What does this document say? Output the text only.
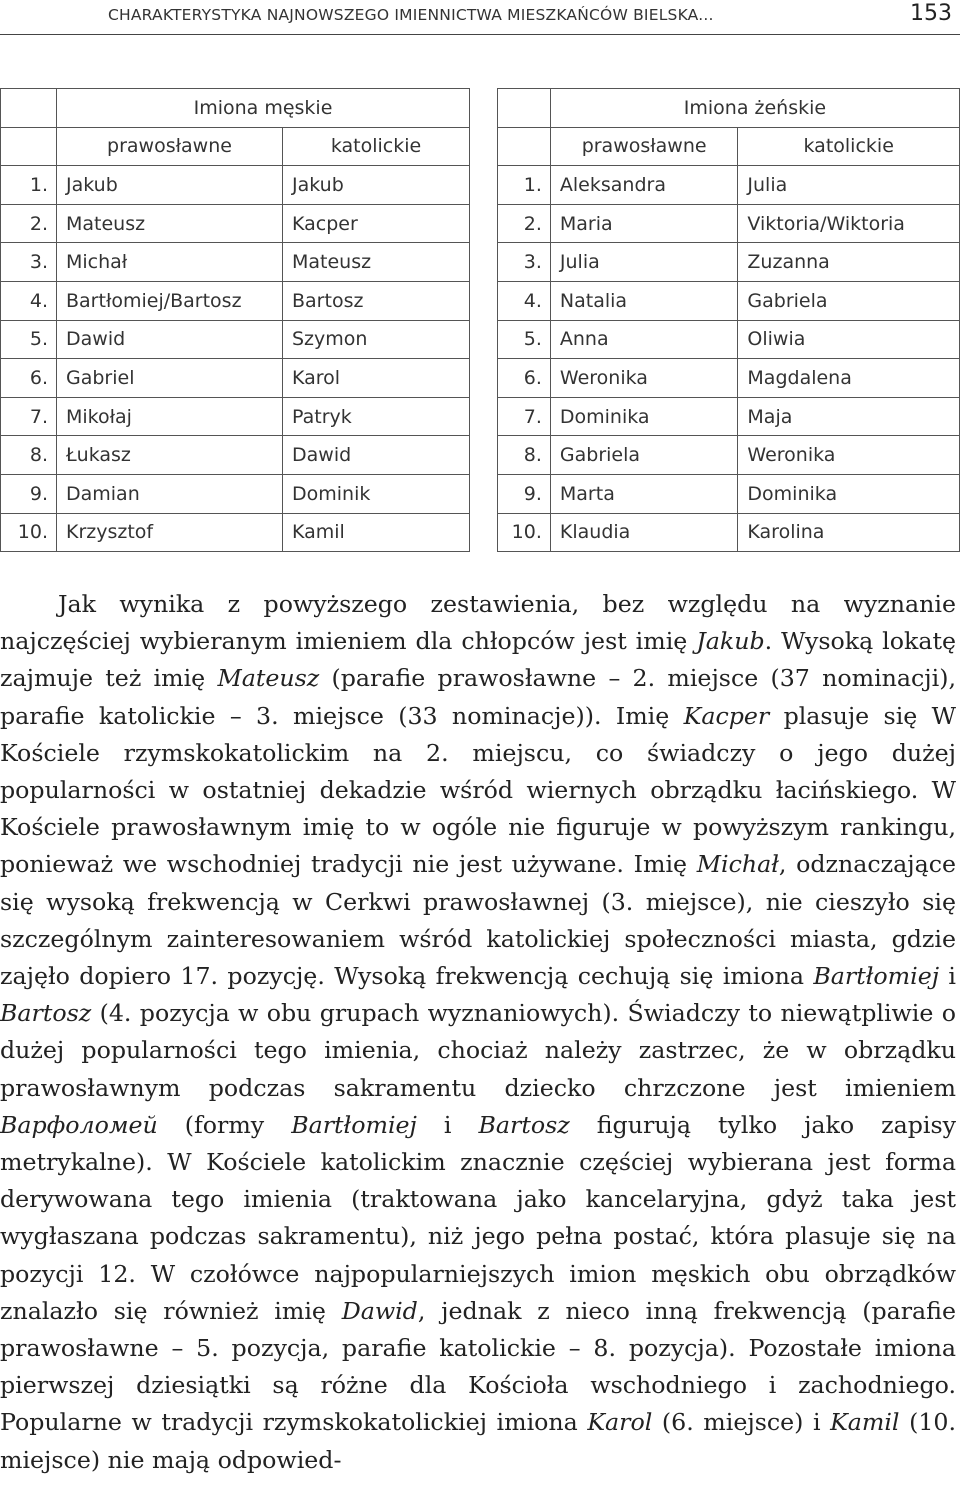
CHARAKTERYSTYKA NAJNOWSZEGO IMIENNICTWA MIESZKAŃCÓW BIELSKA...	153
	Imiona męskie	
	prawosławne	katolickie
1.	Jakub	Jakub
2.	Mateusz	Kacper
3.	Michał	Mateusz
4.	Bartłomiej/Bartosz	Bartosz
5.	Dawid	Szymon
6.	Gabriel	Karol
7.	Mikołaj	Patryk
8.	Łukasz	Dawid
9.	Damian	Dominik
10.	Krzysztof	Kamil
	Imiona żeńskie	
	prawosławne	katolickie
1.	Aleksandra	Julia
2.	Maria	Viktoria/Wiktoria
3.	Julia	Zuzanna
4.	Natalia	Gabriela
5.	Anna	Oliwia
6.	Weronika	Magdalena
7.	Dominika	Maja
8.	Gabriela	Weronika
9.	Marta	Dominika
10.	Klaudia	Karolina

Jak wynika z powyższego zestawienia, bez względu na wyznanie najczęściej wybieranym imieniem dla chłopców jest imię Jakub. Wysoką lokatę zajmuje też imię Mateusz (parafie prawosławne – 2. miejsce (37 nominacji), parafie katolickie – 3. miejsce (33 nominacje)). Imię Kacper plasuje się W Kościele rzymskokatolickim na 2. miejscu, co świadczy o jego dużej popularności w ostatniej dekadzie wśród wiernych obrządku łacińskiego. W Kościele prawosławnym imię to w ogóle nie figuruje w powyższym rankingu, ponieważ we wschodniej tradycji nie jest używane. Imię Michał, odznaczające się wysoką frekwencją w Cerkwi prawosławnej (3. miejsce), nie cieszyło się szczególnym zainteresowaniem wśród katolickiej społeczności miasta, gdzie zajęło dopiero 17. pozycję. Wysoką frekwencją cechują się imiona Bartłomiej i Bartosz (4. pozycja w obu grupach wyznaniowych). Świadczy to niewątpliwie o dużej popularności tego imienia, chociaż należy zastrzec, że w obrządku prawosławnym podczas sakramentu dziecko chrzczone jest imieniem Варфоломей (formy Bartłomiej i Bartosz figurują tylko jako zapisy metrykalne). W Kościele katolickim znacznie częściej wybierana jest forma derywowana tego imienia (traktowana jako kancelaryjna, gdyż taka jest wygłaszana podczas sakramentu), niż jego pełna postać, która plasuje się na pozycji 12. W czołówce najpopularniejszych imion męskich obu obrządków znalazło się również imię Dawid, jednak z nieco inną frekwencją (parafie prawosławne – 5. pozycja, parafie katolickie – 8. pozycja). Pozostałe imiona pierwszej dziesiątki są różne dla Kościoła wschodniego i zachodniego. Popularne w tradycji rzymskokatolickiej imiona Karol (6. miejsce) i Kamil (10. miejsce) nie mają odpowied-
